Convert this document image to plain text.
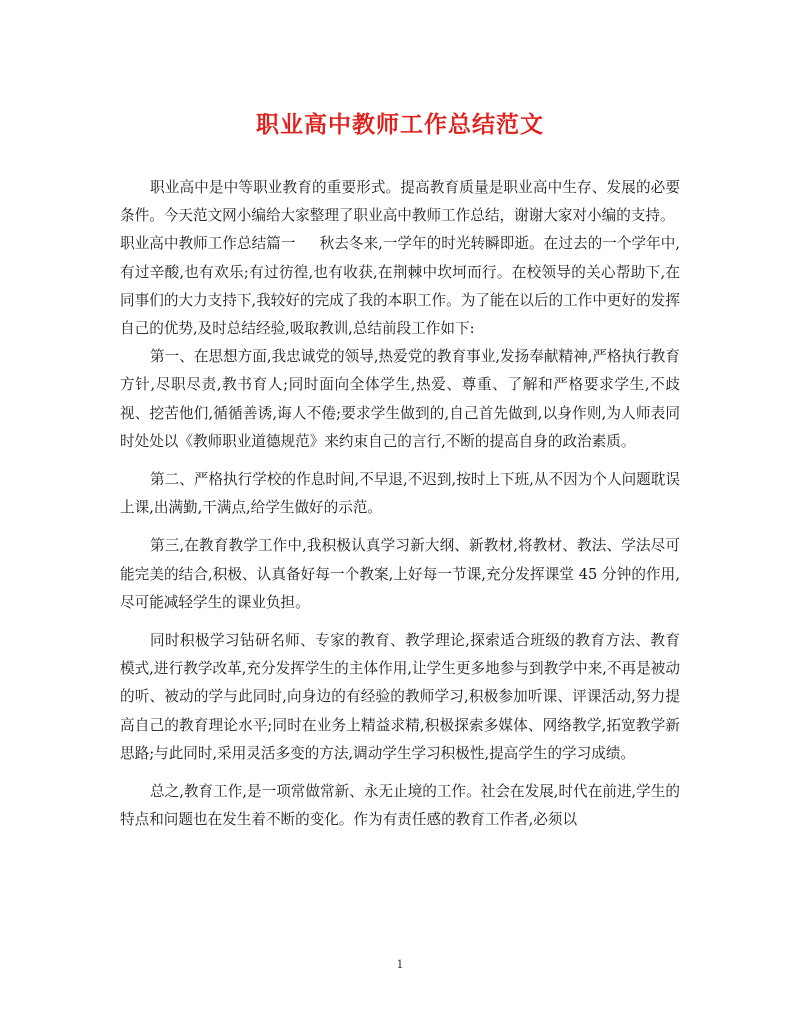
职业高中教师工作总结范文

职业高中是中等职业教育的重要形式。提高教育质量是职业高中生存、发展的必要条件。今天范文网小编给大家整理了职业高中教师工作总结，谢谢大家对小编的支持。

职业高中教师工作总结篇一 秋去冬来,一学年的时光转瞬即逝。在过去的一个学年中,有过辛酸,也有欢乐;有过彷徨,也有收获,在荆棘中坎坷而行。在校领导的关心帮助下,在同事们的大力支持下,我较好的完成了我的本职工作。为了能在以后的工作中更好的发挥自己的优势,及时总结经验,吸取教训,总结前段工作如下:

第一、在思想方面,我忠诚党的领导,热爱党的教育事业,发扬奉献精神,严格执行教育方针,尽职尽责,教书育人;同时面向全体学生,热爱、尊重、了解和严格要求学生,不歧视、挖苦他们,循循善诱,诲人不倦;要求学生做到的,自己首先做到,以身作则,为人师表同时处处以《教师职业道德规范》来约束自己的言行,不断的提高自身的政治素质。

第二、严格执行学校的作息时间,不早退,不迟到,按时上下班,从不因为个人问题耽误上课,出满勤,干满点,给学生做好的示范。

第三,在教育教学工作中,我积极认真学习新大纲、新教材,将教材、教法、学法尽可能完美的结合,积极、认真备好每一个教案,上好每一节课,充分发挥课堂 45 分钟的作用,尽可能减轻学生的课业负担。

同时积极学习钻研名师、专家的教育、教学理论,探索适合班级的教育方法、教育模式,进行教学改革,充分发挥学生的主体作用,让学生更多地参与到教学中来,不再是被动的听、被动的学与此同时,向身边的有经验的教师学习,积极参加听课、评课活动,努力提高自己的教育理论水平;同时在业务上精益求精,积极探索多媒体、网络教学,拓宽教学新思路;与此同时,采用灵活多变的方法,调动学生学习积极性,提高学生的学习成绩。

总之,教育工作,是一项常做常新、永无止境的工作。社会在发展,时代在前进,学生的特点和问题也在发生着不断的变化。作为有责任感的教育工作者,必须以

1
